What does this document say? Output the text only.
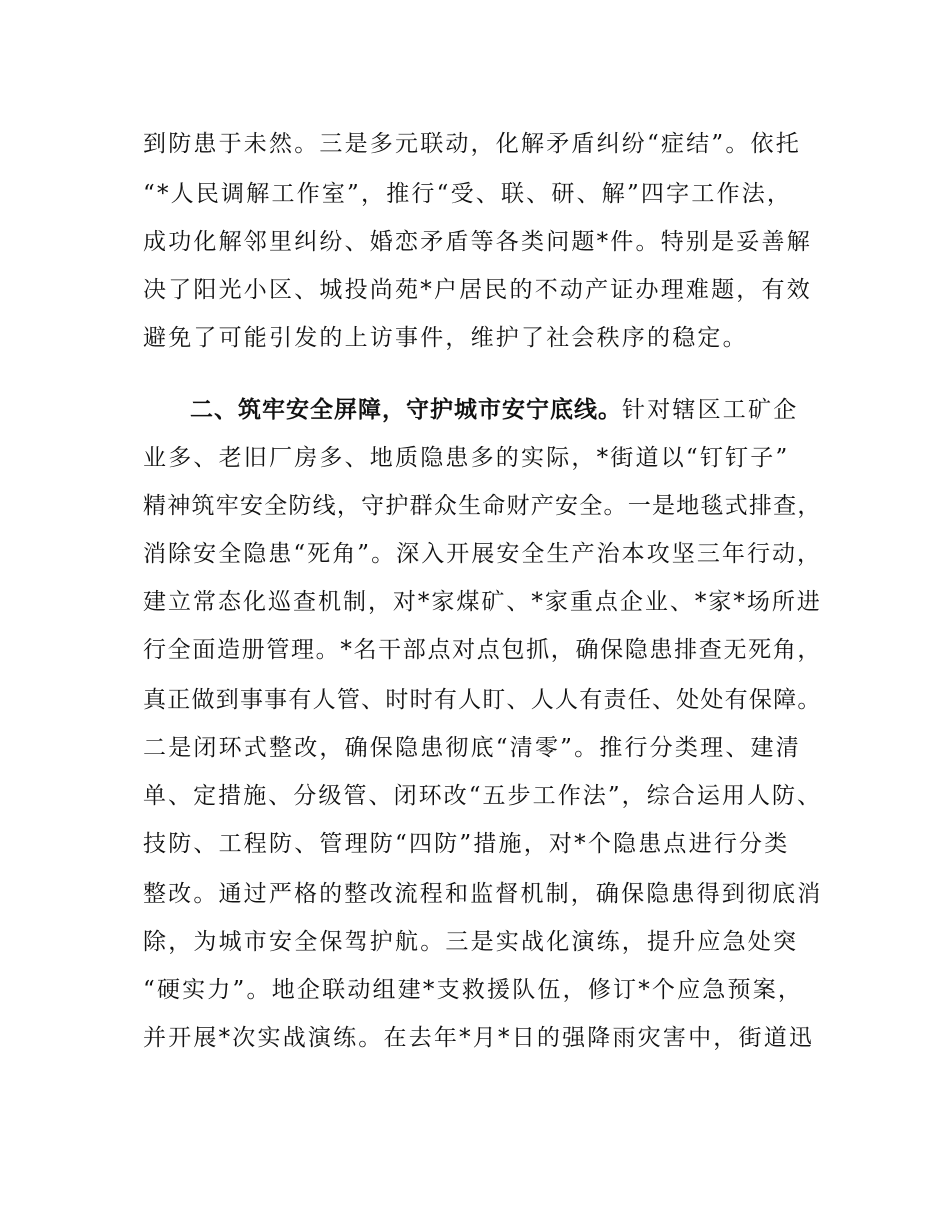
到防患于未然。三是多元联动，化解矛盾纠纷“症结”。依托
“*人民调解工作室”，推行“受、联、研、解”四字工作法，
成功化解邻里纠纷、婚恋矛盾等各类问题*件。特别是妥善解
决了阳光小区、城投尚苑*户居民的不动产证办理难题，有效
避免了可能引发的上访事件，维护了社会秩序的稳定。
二、筑牢安全屏障，守护城市安宁底线。针对辖区工矿企
业多、老旧厂房多、地质隐患多的实际，*街道以“钉钉子”
精神筑牢安全防线，守护群众生命财产安全。一是地毯式排查，
消除安全隐患“死角”。深入开展安全生产治本攻坚三年行动，
建立常态化巡查机制，对*家煤矿、*家重点企业、*家*场所进
行全面造册管理。*名干部点对点包抓，确保隐患排查无死角，
真正做到事事有人管、时时有人盯、人人有责任、处处有保障。
二是闭环式整改，确保隐患彻底“清零”。推行分类理、建清
单、定措施、分级管、闭环改“五步工作法”，综合运用人防、
技防、工程防、管理防“四防”措施，对*个隐患点进行分类
整改。通过严格的整改流程和监督机制，确保隐患得到彻底消
除，为城市安全保驾护航。三是实战化演练，提升应急处突
“硬实力”。地企联动组建*支救援队伍，修订*个应急预案，
并开展*次实战演练。在去年*月*日的强降雨灾害中，街道迅
